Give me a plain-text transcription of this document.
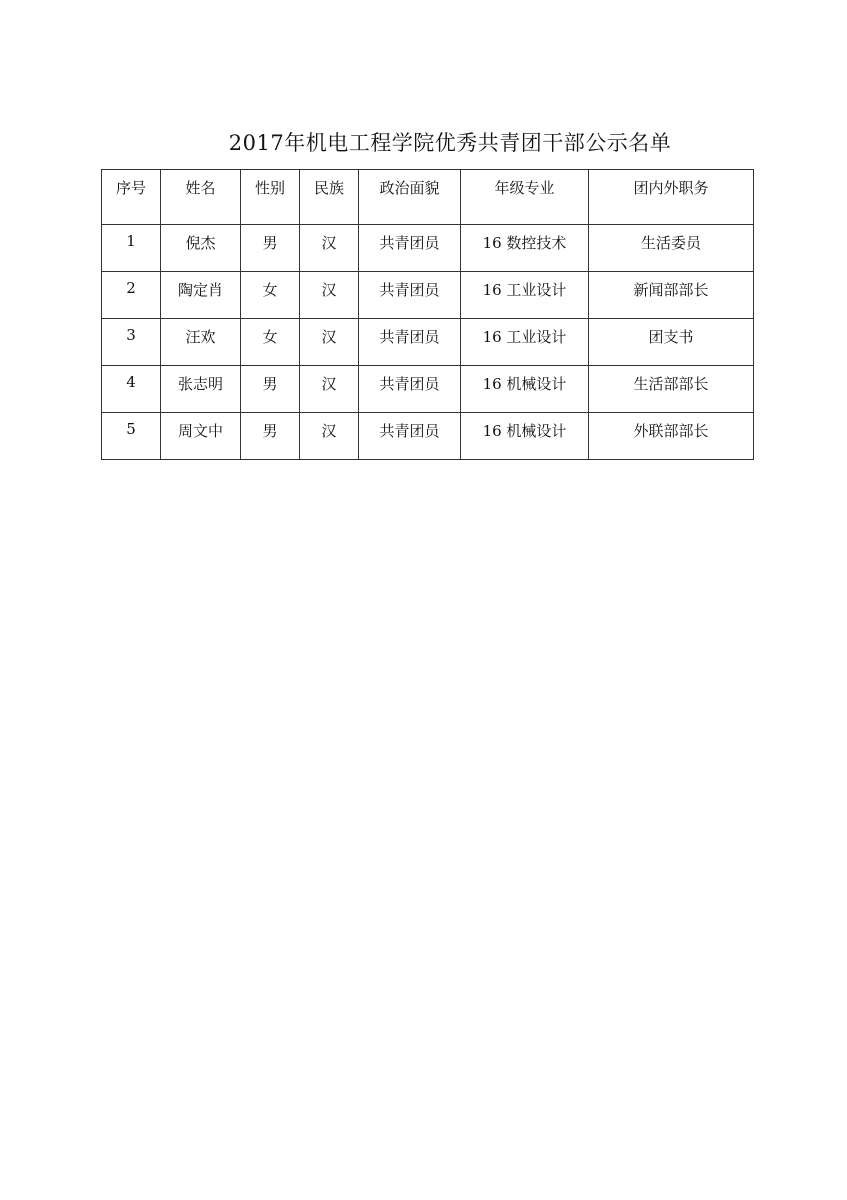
2017年机电工程学院优秀共青团干部公示名单
序号	姓名	性别	民族	政治面貌	年级专业	团内外职务
1	倪杰	男	汉	共青团员	16 数控技术	生活委员
2	陶定肖	女	汉	共青团员	16 工业设计	新闻部部长
3	汪欢	女	汉	共青团员	16 工业设计	团支书
4	张志明	男	汉	共青团员	16 机械设计	生活部部长
5	周文中	男	汉	共青团员	16 机械设计	外联部部长
